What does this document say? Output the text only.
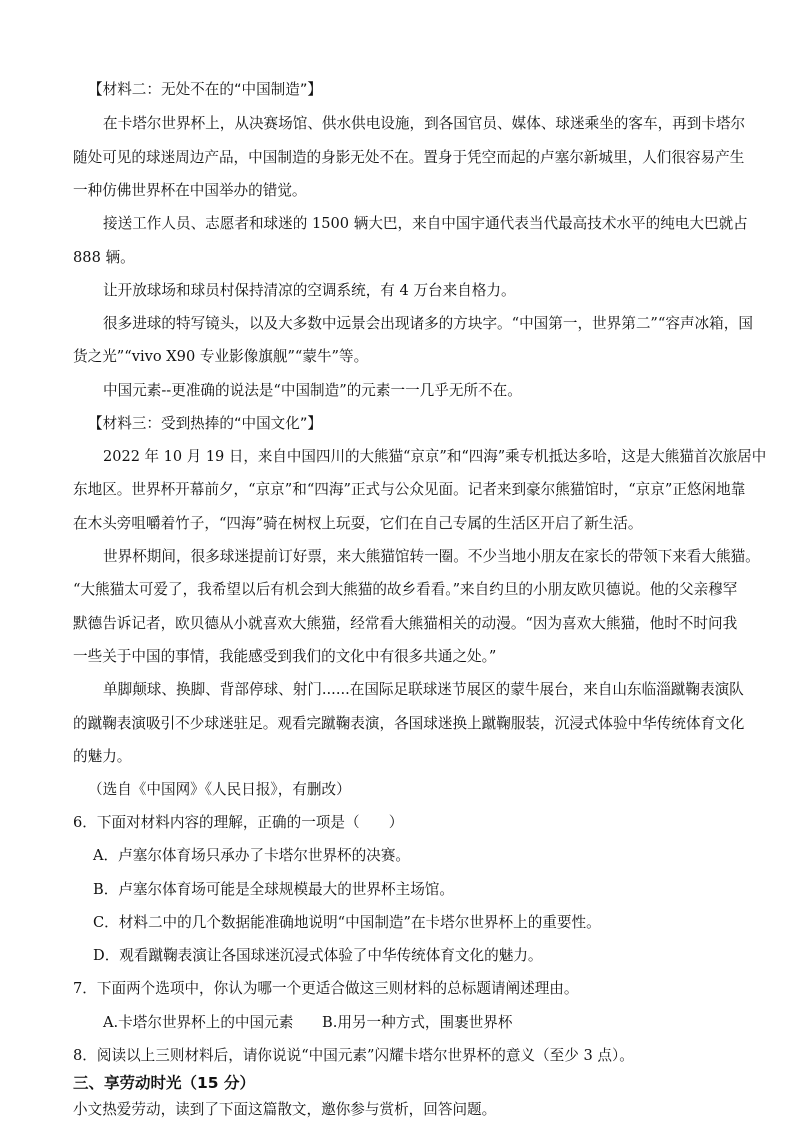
【材料二：无处不在的“中国制造”】
在卡塔尔世界杯上，从决赛场馆、供水供电设施，到各国官员、媒体、球迷乘坐的客车，再到卡塔尔
随处可见的球迷周边产品，中国制造的身影无处不在。置身于凭空而起的卢塞尔新城里，人们很容易产生
一种仿佛世界杯在中国举办的错觉。
接送工作人员、志愿者和球迷的 1500 辆大巴，来自中国宇通代表当代最高技术水平的纯电大巴就占
888 辆。
让开放球场和球员村保持清凉的空调系统，有 4 万台来自格力。
很多进球的特写镜头，以及大多数中远景会出现诸多的方块字。“中国第一，世界第二”“容声冰箱，国
货之光”“vivo X90 专业影像旗舰”“蒙牛”等。
中国元素--更准确的说法是“中国制造”的元素一一几乎无所不在。
【材料三：受到热捧的“中国文化”】
2022 年 10 月 19 日，来自中国四川的大熊猫“京京”和“四海”乘专机抵达多哈，这是大熊猫首次旅居中
东地区。世界杯开幕前夕，“京京”和“四海”正式与公众见面。记者来到豪尔熊猫馆时，“京京”正悠闲地靠
在木头旁咀嚼着竹子，“四海”骑在树杈上玩耍，它们在自己专属的生活区开启了新生活。
世界杯期间，很多球迷提前订好票，来大熊猫馆转一圈。不少当地小朋友在家长的带领下来看大熊猫。
“大熊猫太可爱了，我希望以后有机会到大熊猫的故乡看看。”来自约旦的小朋友欧贝德说。他的父亲穆罕
默德告诉记者，欧贝德从小就喜欢大熊猫，经常看大熊猫相关的动漫。“因为喜欢大熊猫，他时不时问我
一些关于中国的事情，我能感受到我们的文化中有很多共通之处。”
单脚颠球、换脚、背部停球、射门......在国际足联球迷节展区的蒙牛展台，来自山东临淄蹴鞠表演队
的蹴鞠表演吸引不少球迷驻足。观看完蹴鞠表演，各国球迷换上蹴鞠服装，沉浸式体验中华传统体育文化
的魅力。
（选自《中国网》《人民日报》，有删改）
6．下面对材料内容的理解，正确的一项是（　　）
A．卢塞尔体育场只承办了卡塔尔世界杯的决赛。
B．卢塞尔体育场可能是全球规模最大的世界杯主场馆。
C．材料二中的几个数据能准确地说明“中国制造”在卡塔尔世界杯上的重要性。
D．观看蹴鞠表演让各国球迷沉浸式体验了中华传统体育文化的魅力。
7．下面两个选项中，你认为哪一个更适合做这三则材料的总标题请阐述理由。
A.卡塔尔世界杯上的中国元素 B.用另一种方式，围裹世界杯
8．阅读以上三则材料后，请你说说“中国元素”闪耀卡塔尔世界杯的意义（至少 3 点）。
三、享劳动时光（15 分）
小文热爱劳动，读到了下面这篇散文，邀你参与赏析，回答问题。
